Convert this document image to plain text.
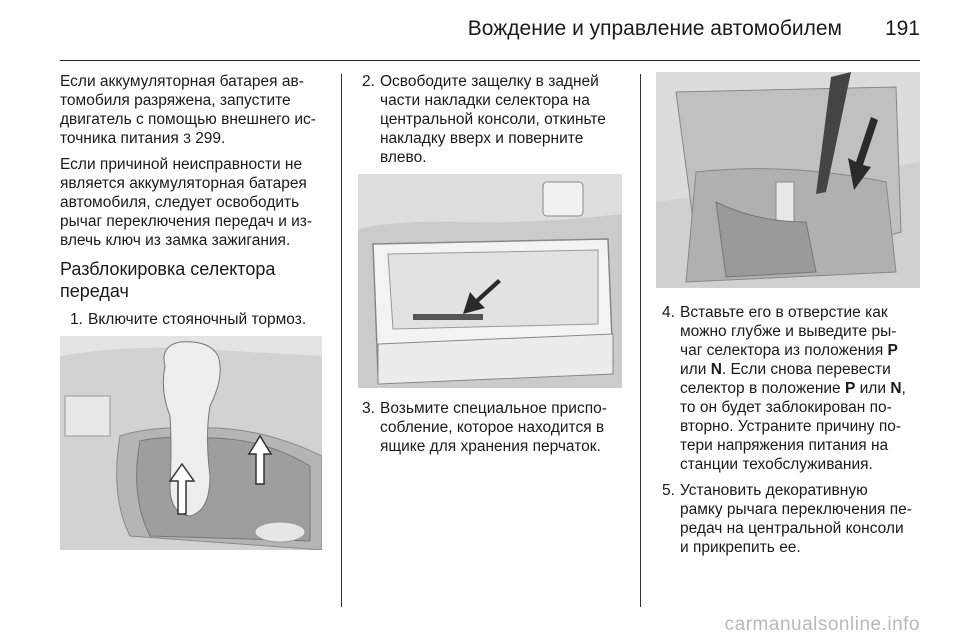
Вождение и управление автомобилем 191

Если аккумуляторная батарея ав-томобиля разряжена, запустите двигатель с помощью внешнего ис-точника питания 3 299.

Если причиной неисправности не
является аккумуляторная батарея
автомобиля, следует освободить
рычаг переключения передач и из-
влечь ключ из замка зажигания.

Разблокировка селектора
передач
1. Включите стояночный тормоз.
2. Освободите защелку в задней
части накладки селектора на
центральной консоли, откиньте
накладку вверх и поверните
влево.
3. Возьмите специальное приспо-
собление, которое находится в
ящике для хранения перчаток.
4. Вставьте его в отверстие как
можно глубже и выведите ры-
чаг селектора из положения P
или N. Если снова перевести
селектор в положение P или N,
то он будет заблокирован по-
вторно. Устраните причину по-
тери напряжения питания на
станции техобслуживания.
5. Установить декоративную
рамку рычага переключения пе-
редач на центральной консоли
и прикрепить ее.
carmanualsonline.info
